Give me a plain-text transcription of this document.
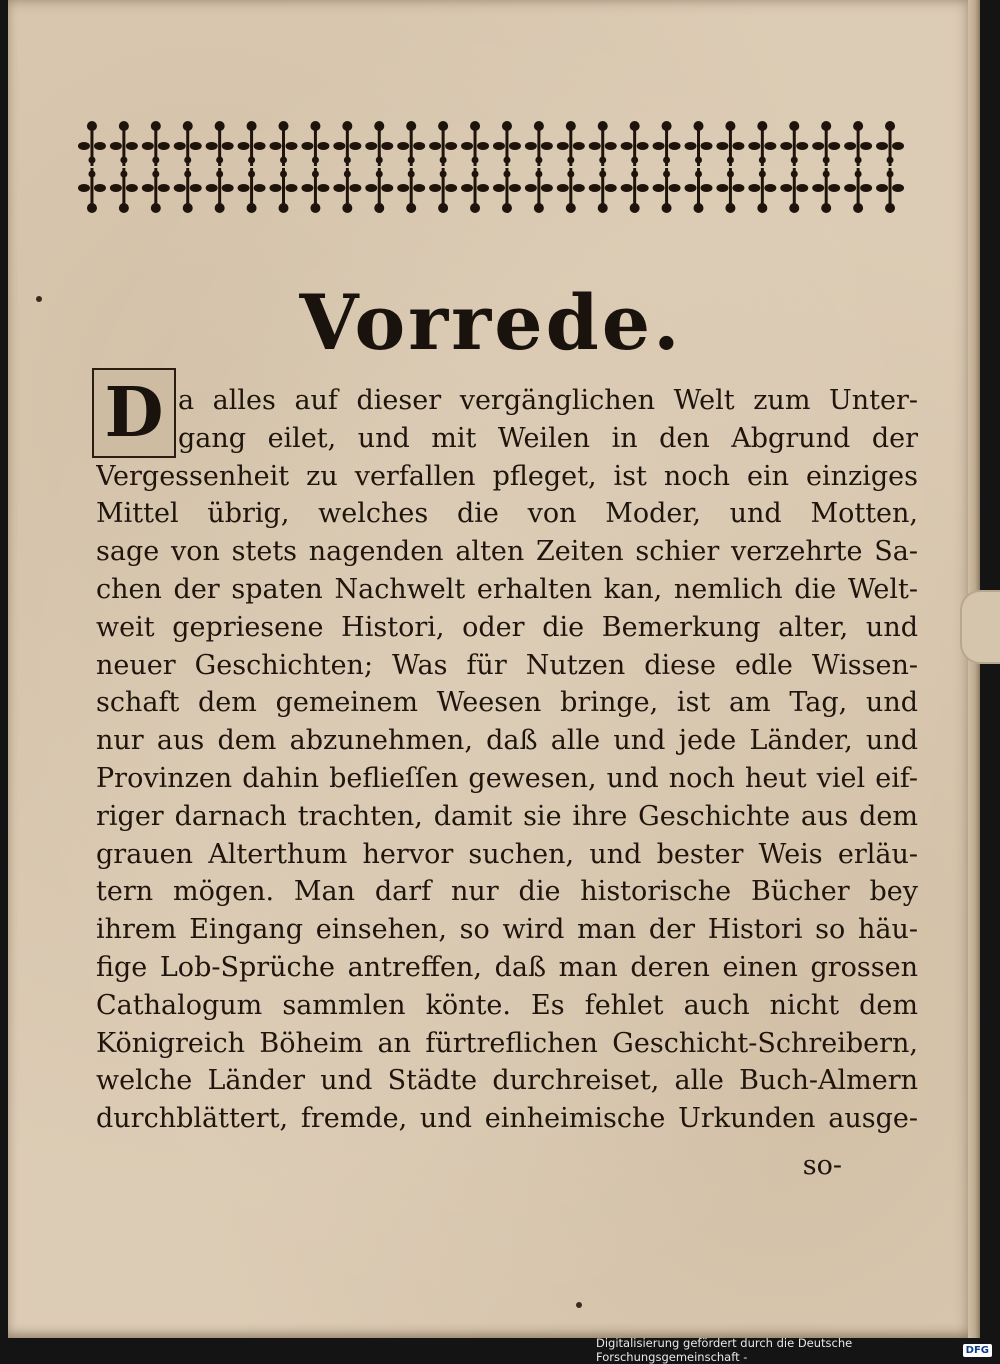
Vorrede.
D a alles auf dieser vergänglichen Welt zum Unter-
gang eilet, und mit Weilen in den Abgrund der
Vergessenheit zu verfallen pfleget, ist noch ein einziges
Mittel übrig, welches die von Moder, und Motten,
sage von stets nagenden alten Zeiten schier verzehrte Sa-
chen der spaten Nachwelt erhalten kan, nemlich die Welt-
weit gepriesene Histori, oder die Bemerkung alter, und
neuer Geschichten; Was für Nutzen diese edle Wissen-
schaft dem gemeinem Weesen bringe, ist am Tag, und
nur aus dem abzunehmen, daß alle und jede Länder, und
Provinzen dahin beflieſſen gewesen, und noch heut viel eif-
riger darnach trachten, damit sie ihre Geschichte aus dem
grauen Alterthum hervor suchen, und bester Weis erläu-
tern mögen. Man darf nur die historische Bücher bey
ihrem Eingang einsehen, so wird man der Histori so häu-
fige Lob-Sprüche antreffen, daß man deren einen grossen
Cathalogum sammlen könte. Es fehlet auch nicht dem
Königreich Böheim an fürtreflichen Geschicht-Schreibern,
welche Länder und Städte durchreiset, alle Buch-Almern
durchblättert, fremde, und einheimische Urkunden ausge-
so-
Digitalisierung gefördert durch die Deutsche Forschungsgemeinschaft -	DFG
